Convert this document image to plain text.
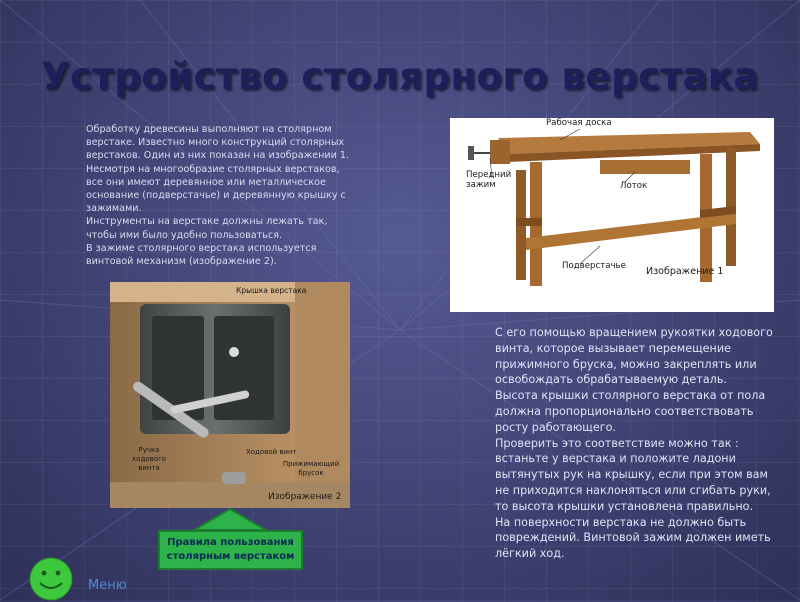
Устройство столярного верстака

Обработку древесины выполняют на столярном верстаке. Известно много конструкций столярных верстаков. Один из них показан на изображении 1.

Несмотря на многообразие столярных верстаков, все они имеют деревянное или металлическое основание (подверстачье) и деревянную крышку с зажимами.

Инструменты на верстаке должны лежать так, чтобы ими было удобно пользоваться.

В зажиме столярного верстака используется винтовой механизм (изображение 2).

Рабочая доска
Передний зажим	Лоток
Подверстачье Изображение 1
Крышка верстака
Ручка ходового винта
Ходовой винт
Прижимающий брусок
Изображение 2

С его помощью вращением рукоятки ходового винта, которое вызывает перемещение прижимного бруска, можно закреплять или освобождать обрабатываемую деталь.

Высота крышки столярного верстака от пола должна пропорционально соответствовать росту работающего.

Проверить это соответствие можно так : встаньте у верстака и положите ладони вытянутых рук на крышку, если при этом вам не приходится наклоняться или сгибать руки, то высота крышки установлена правильно.

На поверхности верстака не должно быть повреждений. Винтовой зажим должен иметь лёгкий ход.

Правила пользования столярным верстаком
Меню
